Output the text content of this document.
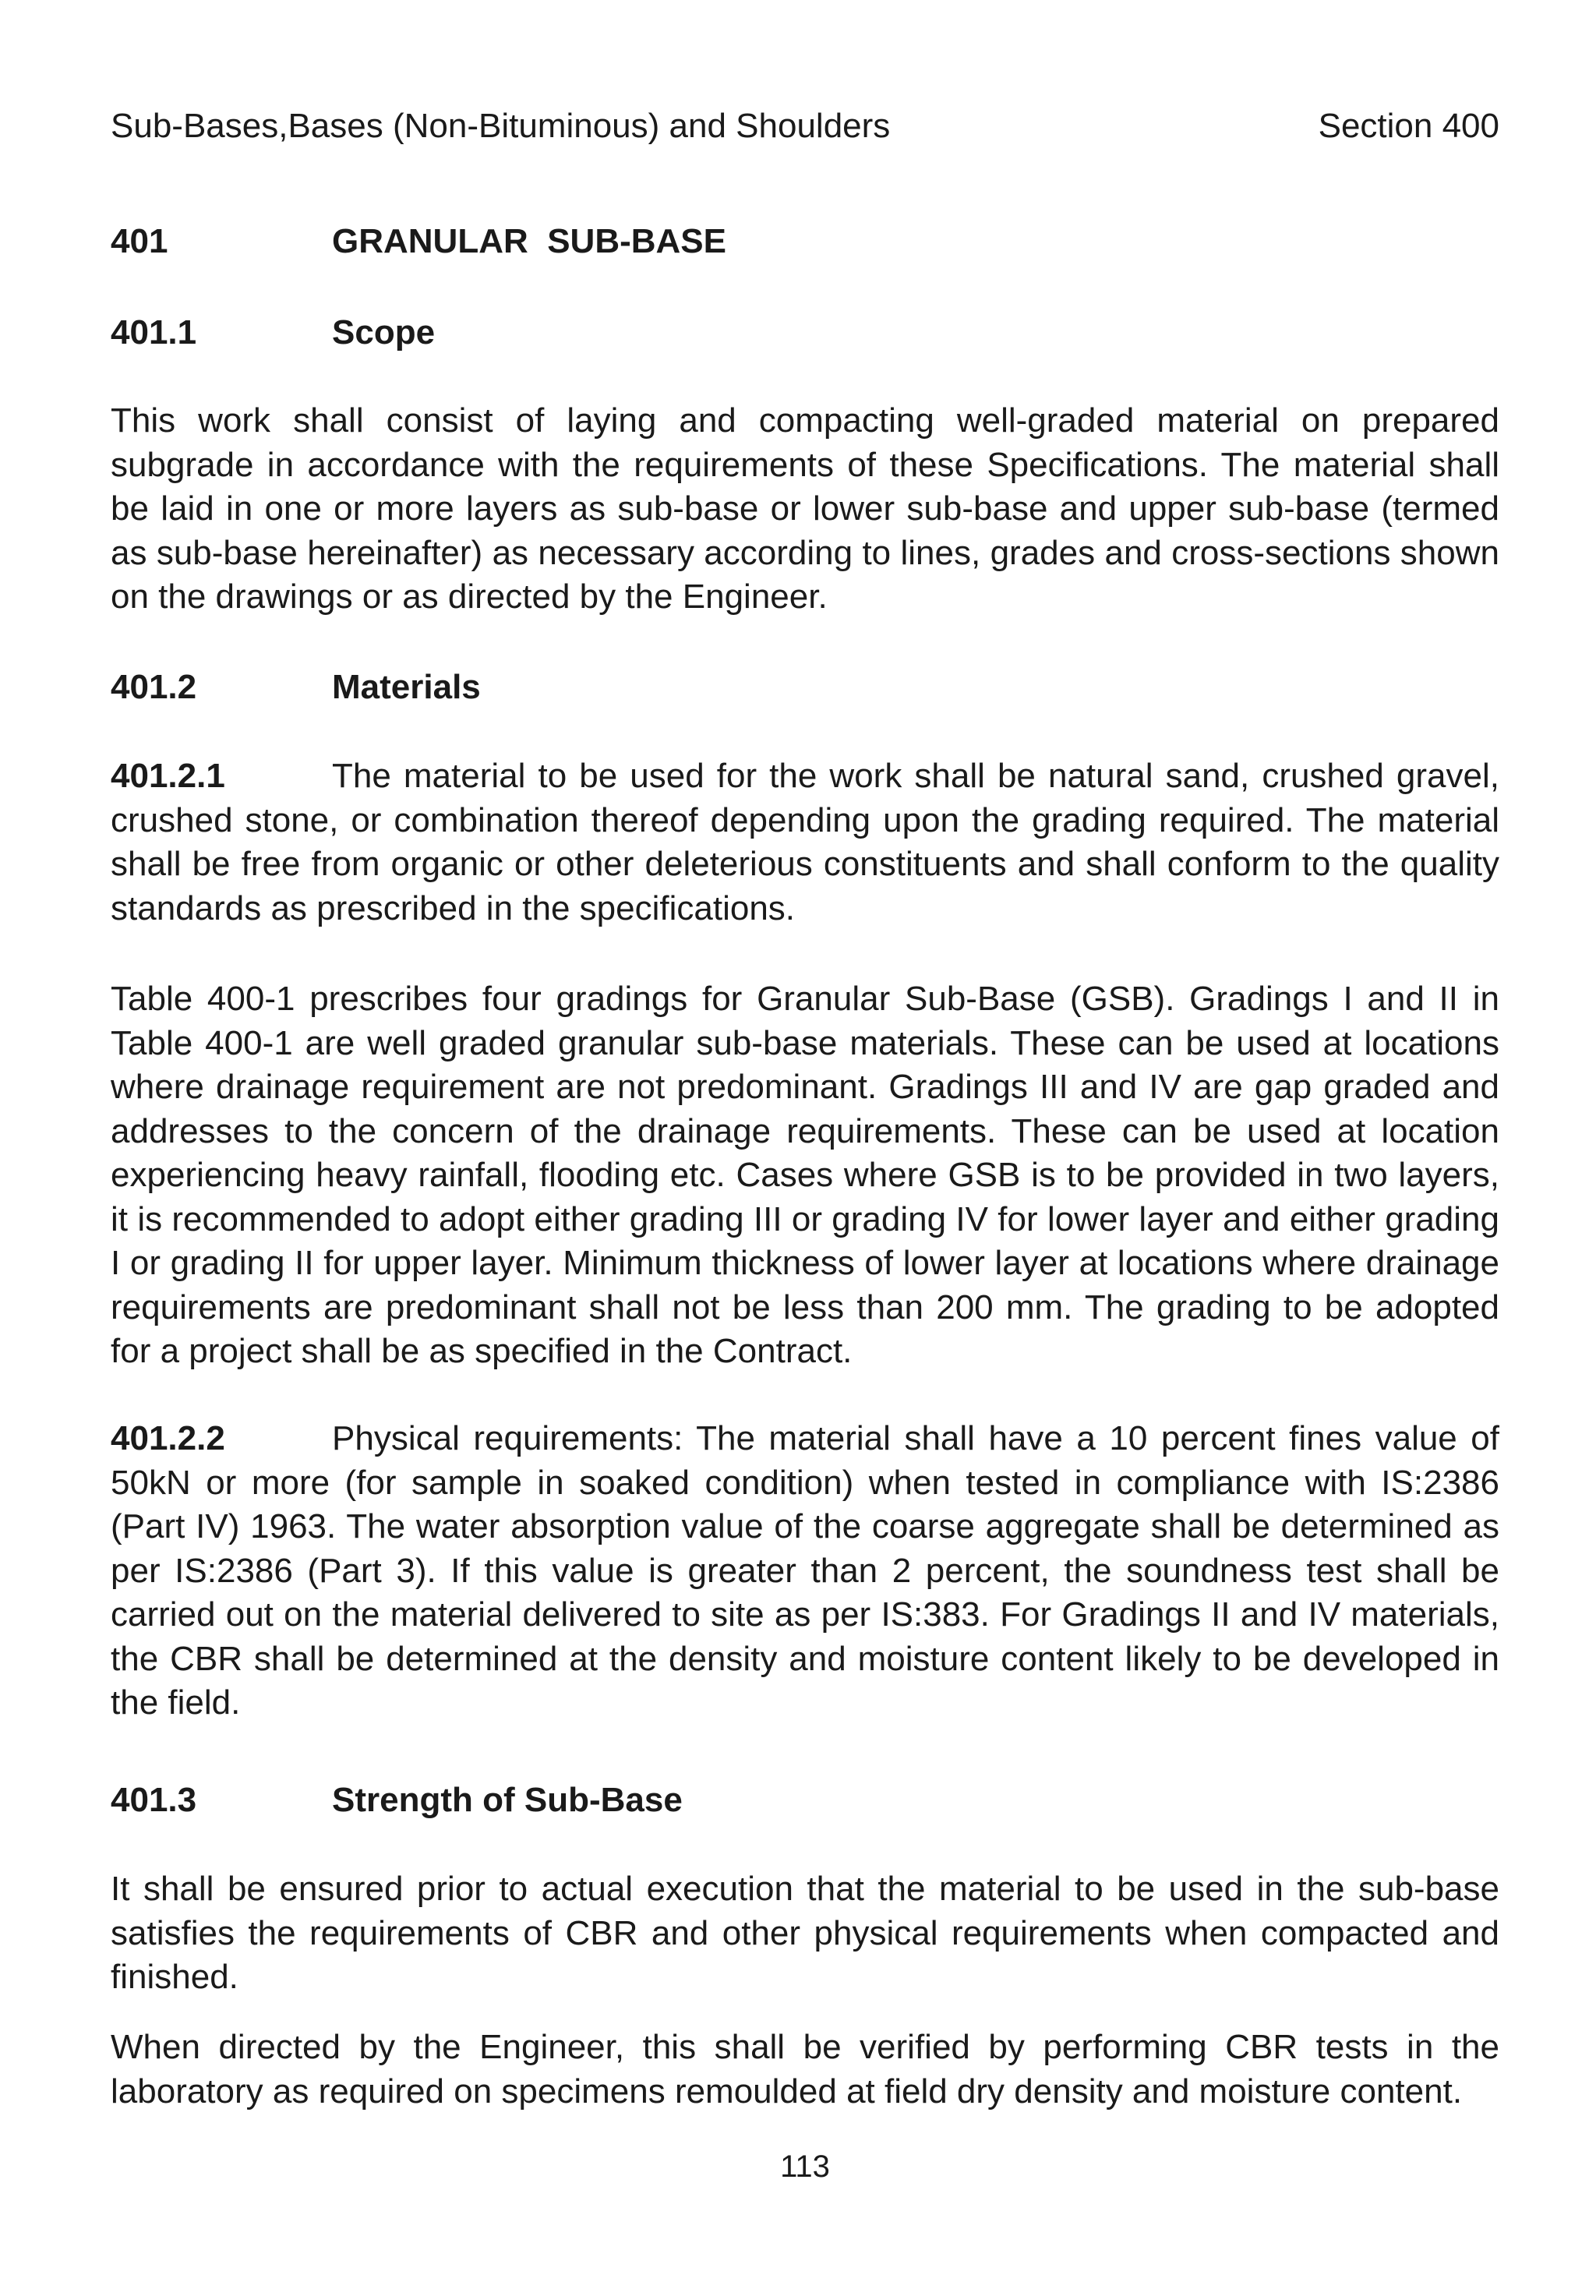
Sub-Bases,Bases (Non-Bituminous) and Shoulders	Section 400
401	GRANULAR  SUB-BASE
401.1	Scope

This work shall consist of laying and compacting well-graded material on prepared subgrade in accordance with the requirements of these Specifications. The material shall be laid in one or more layers as sub-base or lower sub-base and upper sub-base (termed as sub-base hereinafter) as necessary according to lines, grades and cross-sections shown on the drawings or as directed by the Engineer.

401.2	Materials

401.2.1	The material to be used for the work shall be natural sand, crushed gravel, crushed stone, or combination thereof depending upon the grading required. The material shall be free from organic or other deleterious constituents and shall conform to the quality standards as prescribed in the specifications.

Table 400-1 prescribes four gradings for Granular Sub-Base (GSB). Gradings I and II in Table 400-1 are well graded granular sub-base materials. These can be used at locations where drainage requirement are not predominant. Gradings III and IV are gap graded and addresses to the concern of the drainage requirements. These can be used at location experiencing heavy rainfall, flooding etc. Cases where GSB is to be provided in two layers, it is recommended to adopt either grading III or grading IV for lower layer and either grading I or grading II for upper layer. Minimum thickness of lower layer at locations where drainage requirements are predominant shall not be less than 200 mm. The grading to be adopted for a project shall be as specified in the Contract.

401.2.2	Physical requirements: The material shall have a 10 percent fines value of 50kN or more (for sample in soaked condition) when tested in compliance with IS:2386 (Part IV) 1963. The water absorption value of the coarse aggregate shall be determined as per IS:2386 (Part 3). If this value is greater than 2 percent, the soundness test shall be carried out on the material delivered to site as per IS:383. For Gradings II and IV materials, the CBR shall be determined at the density and moisture content likely to be developed in the field.

401.3	Strength of Sub-Base

It shall be ensured prior to actual execution that the material to be used in the sub-base satisfies the requirements of CBR and other physical requirements when compacted and finished.

When directed by the Engineer, this shall be verified by performing CBR tests in the laboratory as required on specimens remoulded at field dry density and moisture content.

113
